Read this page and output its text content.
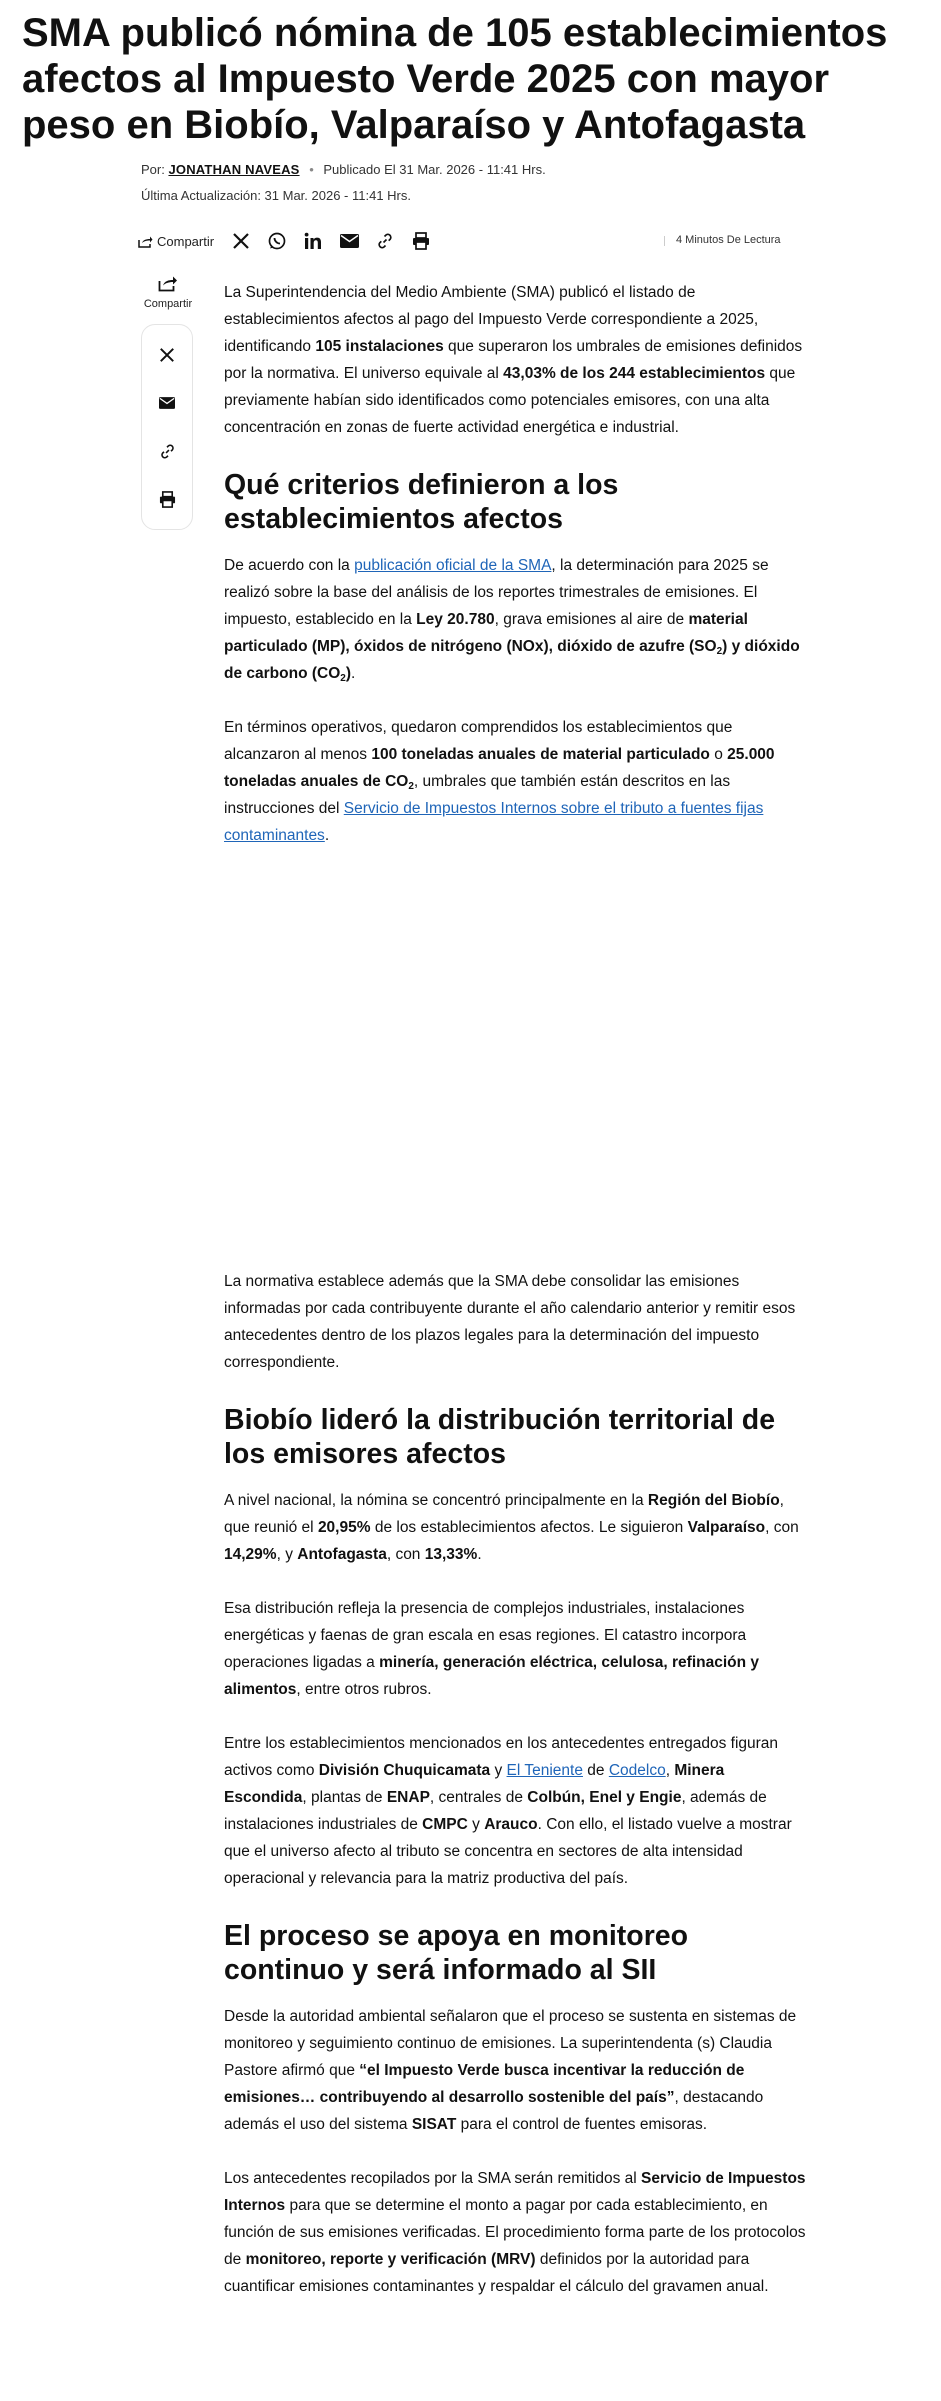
SMA publicó nómina de 105 establecimientos afectos al Impuesto Verde 2025 con mayor peso en Biobío, Valparaíso y Antofagasta
Por: JONATHAN NAVEAS • Publicado El 31 Mar. 2026 - 11:41 Hrs.
Última Actualización: 31 Mar. 2026 - 11:41 Hrs.
Compartir	4 Minutos De Lectura
Compartir

La Superintendencia del Medio Ambiente (SMA) publicó el listado de establecimientos afectos al pago del Impuesto Verde correspondiente a 2025, identificando 105 instalaciones que superaron los umbrales de emisiones definidos por la normativa. El universo equivale al 43,03% de los 244 establecimientos que previamente habían sido identificados como potenciales emisores, con una alta concentración en zonas de fuerte actividad energética e industrial.

Qué criterios definieron a los establecimientos afectos

De acuerdo con la publicación oficial de la SMA, la determinación para 2025 se realizó sobre la base del análisis de los reportes trimestrales de emisiones. El impuesto, establecido en la Ley 20.780, grava emisiones al aire de material particulado (MP), óxidos de nitrógeno (NOx), dióxido de azufre $(SO_2)$ y dióxido de carbono $(CO_2)$.

En términos operativos, quedaron comprendidos los establecimientos que alcanzaron al menos 100 toneladas anuales de material particulado o 25.000 toneladas anuales de $CO_2$, umbrales que también están descritos en las instrucciones del Servicio de Impuestos Internos sobre el tributo a fuentes fijas contaminantes.

La normativa establece además que la SMA debe consolidar las emisiones informadas por cada contribuyente durante el año calendario anterior y remitir esos antecedentes dentro de los plazos legales para la determinación del impuesto correspondiente.

Biobío lideró la distribución territorial de los emisores afectos

A nivel nacional, la nómina se concentró principalmente en la Región del Biobío, que reunió el 20,95% de los establecimientos afectos. Le siguieron Valparaíso, con 14,29%, y Antofagasta, con 13,33%.

Esa distribución refleja la presencia de complejos industriales, instalaciones energéticas y faenas de gran escala en esas regiones. El catastro incorpora operaciones ligadas a minería, generación eléctrica, celulosa, refinación y alimentos, entre otros rubros.

Entre los establecimientos mencionados en los antecedentes entregados figuran activos como División Chuquicamata y El Teniente de Codelco, Minera Escondida, plantas de ENAP, centrales de Colbún, Enel y Engie, además de instalaciones industriales de CMPC y Arauco. Con ello, el listado vuelve a mostrar que el universo afecto al tributo se concentra en sectores de alta intensidad operacional y relevancia para la matriz productiva del país.

El proceso se apoya en monitoreo continuo y será informado al SII

Desde la autoridad ambiental señalaron que el proceso se sustenta en sistemas de monitoreo y seguimiento continuo de emisiones. La superintendenta (s) Claudia Pastore afirmó que “el Impuesto Verde busca incentivar la reducción de emisiones… contribuyendo al desarrollo sostenible del país”, destacando además el uso del sistema SISAT para el control de fuentes emisoras.

Los antecedentes recopilados por la SMA serán remitidos al Servicio de Impuestos Internos para que se determine el monto a pagar por cada establecimiento, en función de sus emisiones verificadas. El procedimiento forma parte de los protocolos de monitoreo, reporte y verificación (MRV) definidos por la autoridad para cuantificar emisiones contaminantes y respaldar el cálculo del gravamen anual.
